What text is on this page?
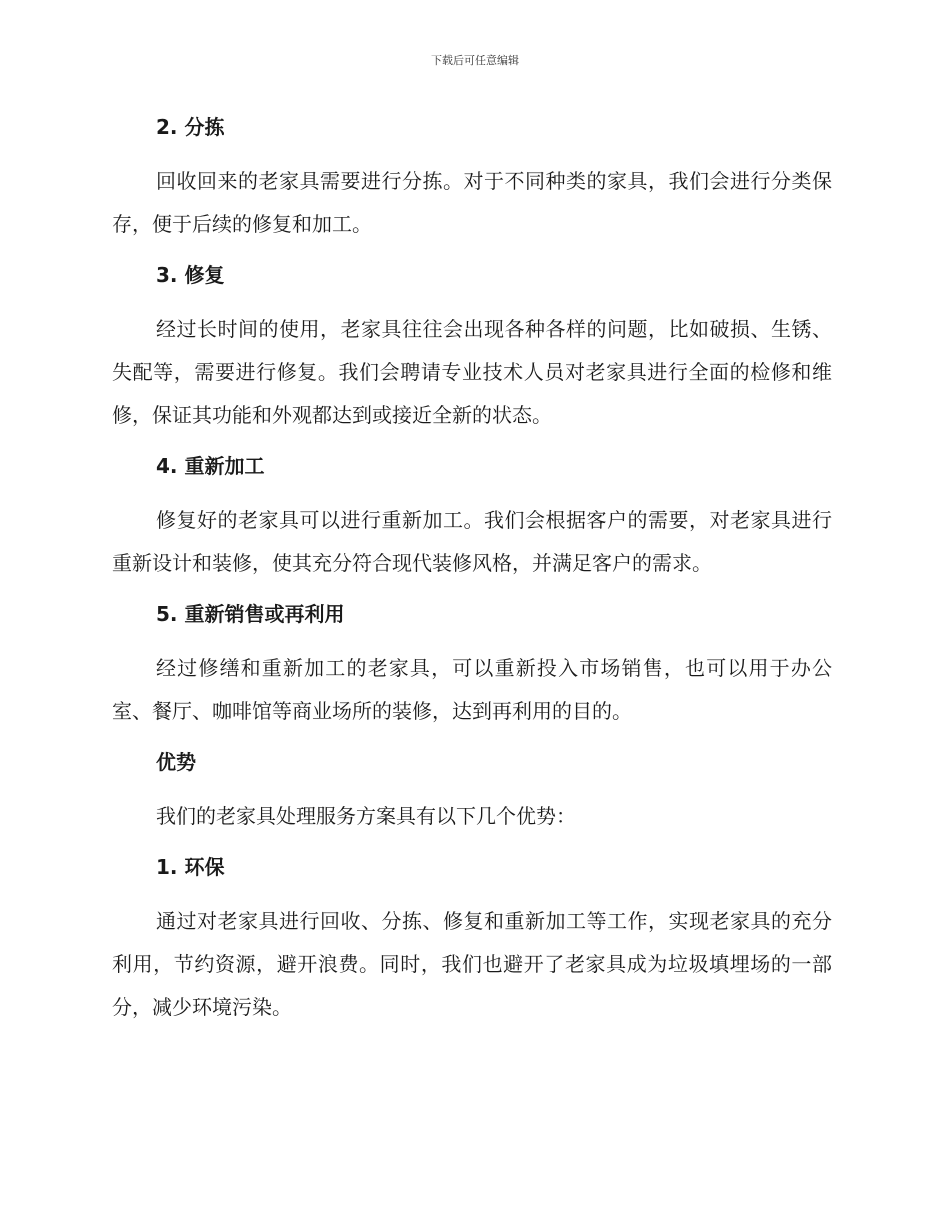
下载后可任意编辑
2. 分拣
回收回来的老家具需要进行分拣。对于不同种类的家具，我们会进行分类保存，便于后续的修复和加工。
3. 修复
经过长时间的使用，老家具往往会出现各种各样的问题，比如破损、生锈、失配等，需要进行修复。我们会聘请专业技术人员对老家具进行全面的检修和维修，保证其功能和外观都达到或接近全新的状态。
4. 重新加工
修复好的老家具可以进行重新加工。我们会根据客户的需要，对老家具进行重新设计和装修，使其充分符合现代装修风格，并满足客户的需求。
5. 重新销售或再利用
经过修缮和重新加工的老家具，可以重新投入市场销售，也可以用于办公室、餐厅、咖啡馆等商业场所的装修，达到再利用的目的。
优势
我们的老家具处理服务方案具有以下几个优势：
1. 环保
通过对老家具进行回收、分拣、修复和重新加工等工作，实现老家具的充分利用，节约资源，避开浪费。同时，我们也避开了老家具成为垃圾填埋场的一部分，减少环境污染。
